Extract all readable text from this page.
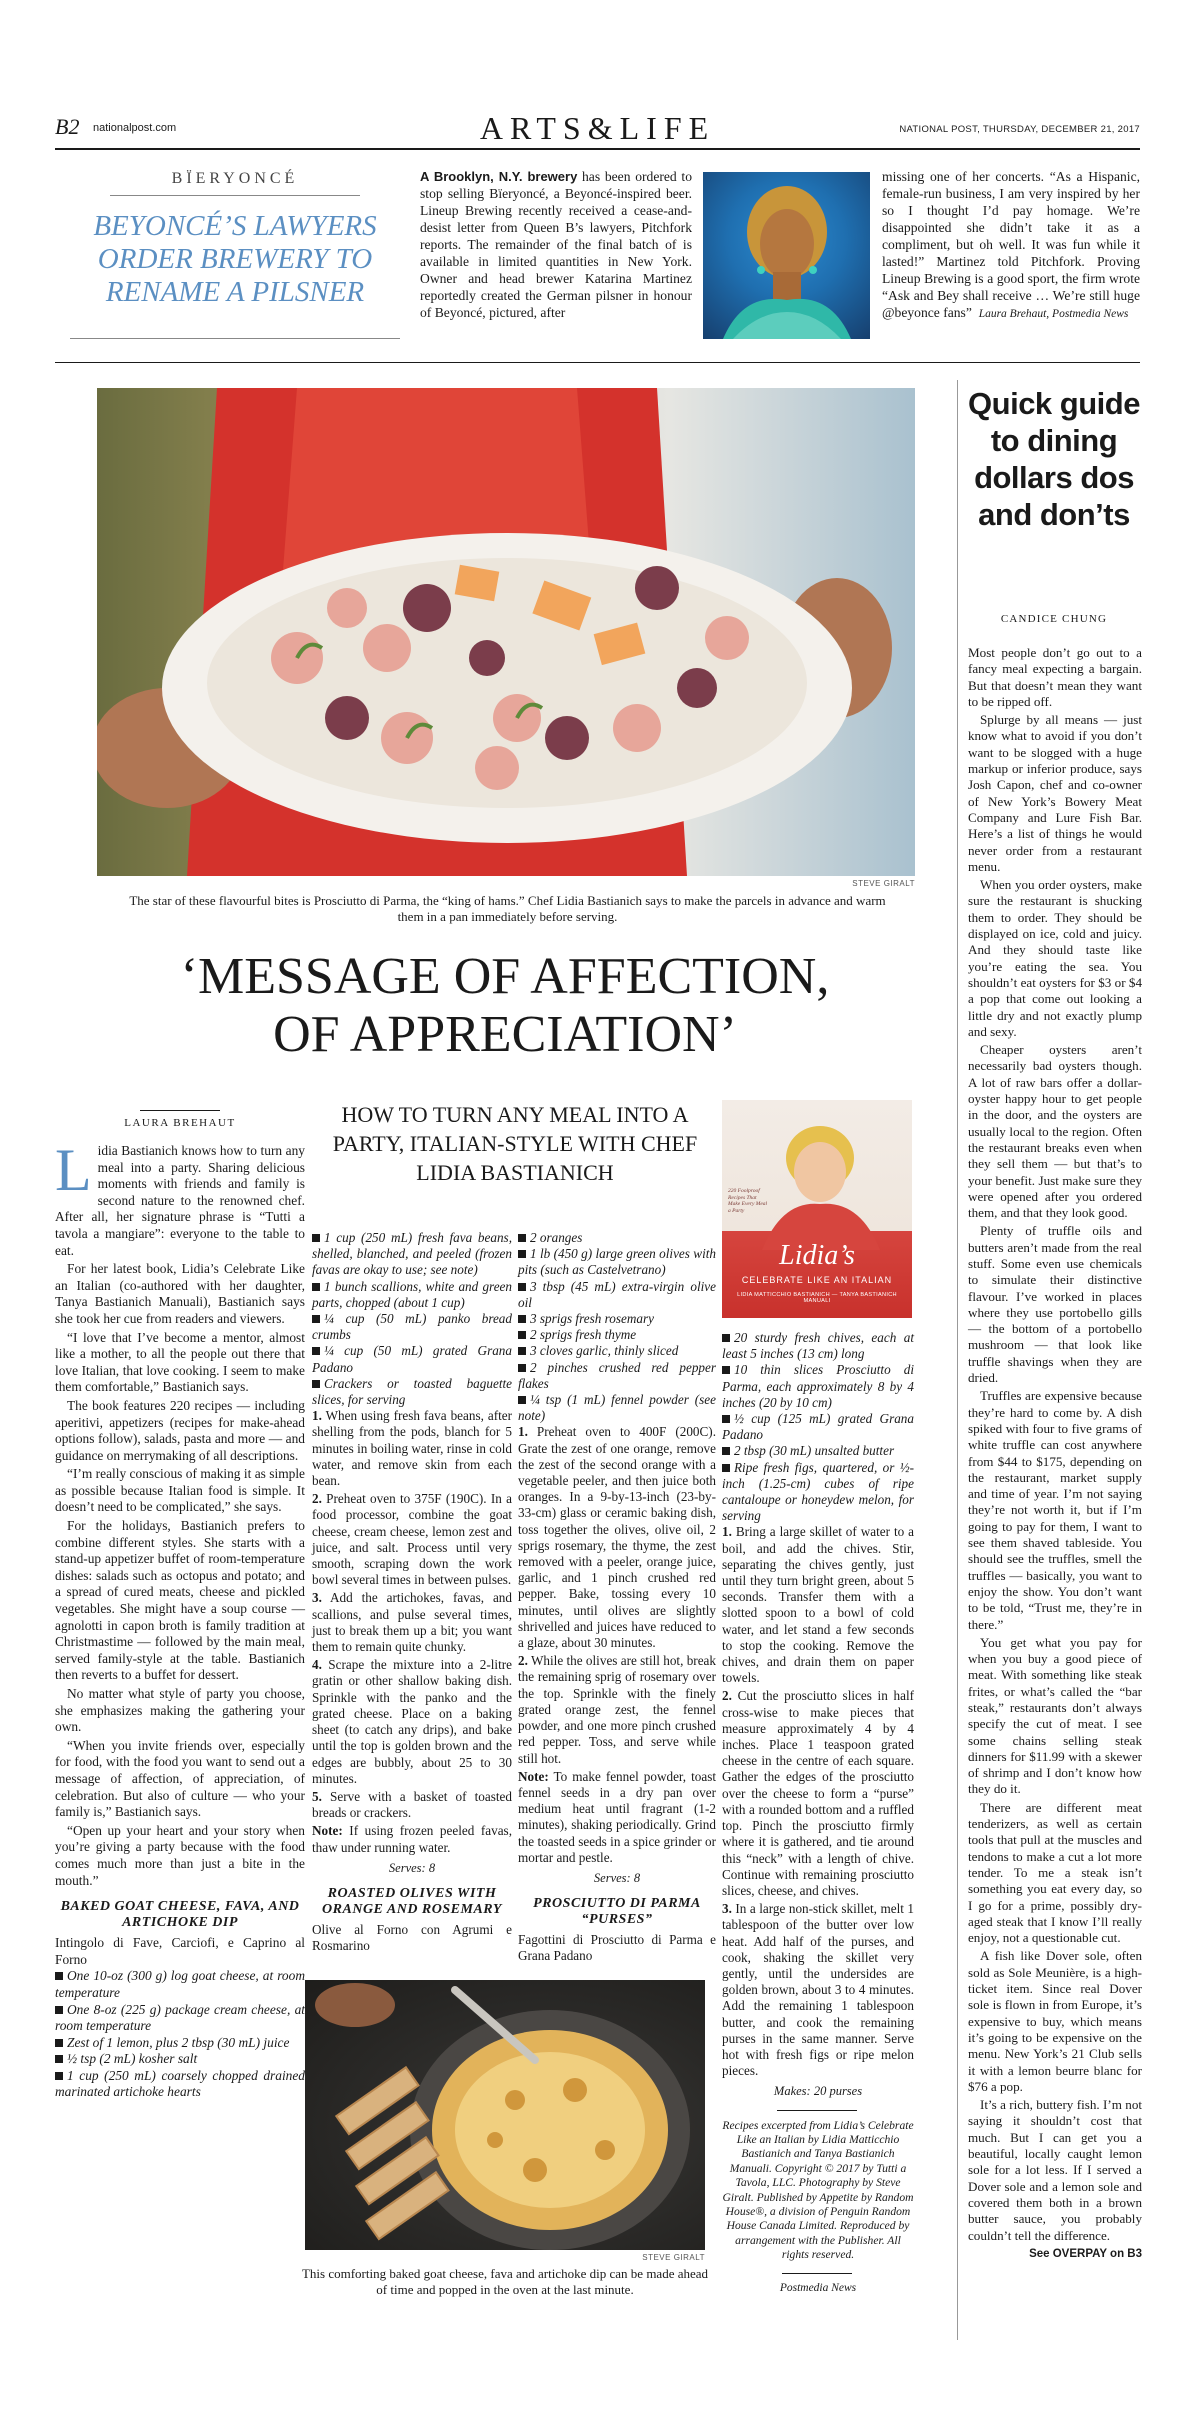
B2 nationalpost.com	ARTS&LIFE	NATIONAL POST, THURSDAY, DECEMBER 21, 2017
BÏERYONCÉ
BEYONCÉ’S LAWYERS ORDER BREWERY TO RENAME A PILSNER

A Brooklyn, N.Y. brewery has been ordered to stop selling Bïeryoncé, a Beyoncé-inspired beer. Lineup Brewing recently received a cease-and-desist letter from Queen B’s lawyers, Pitchfork reports. The remainder of the final batch of is available in limited quantities in New York. Owner and head brewer Katarina Martinez reportedly created the German pilsner in honour of Beyoncé, pictured, after

missing one of her concerts. “As a Hispanic, female-run business, I am very inspired by her so I thought I’d pay homage. We’re disappointed she didn’t take it as a compliment, but oh well. It was fun while it lasted!” Martinez told Pitchfork. Proving Lineup Brewing is a good sport, the firm wrote “Ask and Bey shall receive … We’re still huge @beyonce fans” Laura Brehaut, Postmedia News

STEVE GIRALT
The star of these flavourful bites is Prosciutto di Parma, the “king of hams.” Chef Lidia Bastianich says to make the parcels in advance and warm them in a pan immediately before serving.
‘MESSAGE OF AFFECTION,
OF APPRECIATION’
LAURA BREHAUT

Lidia Bastianich knows how to turn any meal into a party. Sharing delicious moments with friends and family is second nature to the renowned chef. After all, her signature phrase is “Tutti a tavola a mangiare”: everyone to the table to eat.

For her latest book, Lidia’s Celebrate Like an Italian (co-authored with her daughter, Tanya Bastianich Manuali), Bastianich says she took her cue from readers and viewers.

“I love that I’ve become a mentor, almost like a mother, to all the people out there that love Italian, that love cooking. I seem to make them comfortable,” Bastianich says.

The book features 220 recipes — including aperitivi, appetizers (recipes for make-ahead options follow), salads, pasta and more — and guidance on merrymaking of all descriptions.

“I’m really conscious of making it as simple as possible because Italian food is simple. It doesn’t need to be complicated,” she says.

For the holidays, Bastianich prefers to combine different styles. She starts with a stand-up appetizer buffet of room-temperature dishes: salads such as octopus and potato; and a spread of cured meats, cheese and pickled vegetables. She might have a soup course — agnolotti in capon broth is family tradition at Christmastime — followed by the main meal, served family-style at the table. Bastianich then reverts to a buffet for dessert.

No matter what style of party you choose, she emphasizes making the gathering your own.

“When you invite friends over, especially for food, with the food you want to send out a message of affection, of appreciation, of celebration. But also of culture — who your family is,” Bastianich says.

“Open up your heart and your story when you’re giving a party because with the food comes much more than just a bite in the mouth.”

BAKED GOAT CHEESE, FAVA, AND ARTICHOKE DIP

Intingolo di Fave, Carciofi, e Caprino al Forno

One 10-oz (300 g) log goat cheese, at room temperature

One 8-oz (225 g) package cream cheese, at room temperature

Zest of 1 lemon, plus 2 tbsp (30 mL) juice

½ tsp (2 mL) kosher salt

1 cup (250 mL) coarsely chopped drained marinated artichoke hearts

HOW TO TURN ANY MEAL INTO A PARTY, ITALIAN-STYLE WITH CHEF LIDIA BASTIANICH

1 cup (250 mL) fresh fava beans, shelled, blanched, and peeled (frozen favas are okay to use; see note)

1 bunch scallions, white and green parts, chopped (about 1 cup)

¼ cup (50 mL) panko bread crumbs

¼ cup (50 mL) grated Grana Padano

Crackers or toasted baguette slices, for serving

1. When using fresh fava beans, after shelling from the pods, blanch for 5 minutes in boiling water, rinse in cold water, and remove skin from each bean.

2. Preheat oven to 375F (190C). In a food processor, combine the goat cheese, cream cheese, lemon zest and juice, and salt. Process until very smooth, scraping down the work bowl several times in between pulses.

3. Add the artichokes, favas, and scallions, and pulse several times, just to break them up a bit; you want them to remain quite chunky.

4. Scrape the mixture into a 2-litre gratin or other shallow baking dish. Sprinkle with the panko and the grated cheese. Place on a baking sheet (to catch any drips), and bake until the top is golden brown and the edges are bubbly, about 25 to 30 minutes.

5. Serve with a basket of toasted breads or crackers.

Note: If using frozen peeled favas, thaw under running water.

Serves: 8
ROASTED OLIVES WITH ORANGE AND ROSEMARY

Olive al Forno con Agrumi e Rosmarino

2 oranges

1 lb (450 g) large green olives with pits (such as Castelvetrano)

3 tbsp (45 mL) extra-virgin olive oil

3 sprigs fresh rosemary

2 sprigs fresh thyme

3 cloves garlic, thinly sliced

2 pinches crushed red pepper flakes

¼ tsp (1 mL) fennel powder (see note)

1. Preheat oven to 400F (200C). Grate the zest of one orange, remove the zest of the second orange with a vegetable peeler, and then juice both oranges. In a 9-by-13-inch (23-by-33-cm) glass or ceramic baking dish, toss together the olives, olive oil, 2 sprigs rosemary, the thyme, the zest removed with a peeler, orange juice, garlic, and 1 pinch crushed red pepper. Bake, tossing every 10 minutes, until olives are slightly shrivelled and juices have reduced to a glaze, about 30 minutes.

2. While the olives are still hot, break the remaining sprig of rosemary over the top. Sprinkle with the finely grated orange zest, the fennel powder, and one more pinch crushed red pepper. Toss, and serve while still hot.

Note: To make fennel powder, toast fennel seeds in a dry pan over medium heat until fragrant (1-2 minutes), shaking periodically. Grind the toasted seeds in a spice grinder or mortar and pestle.

Serves: 8
PROSCIUTTO DI PARMA “PURSES”

Fagottini di Prosciutto di Parma e Grana Padano

220 Foolproof Recipes That Make Every Meal a Party
Lidia’s
CELEBRATE LIKE AN ITALIAN
LIDIA MATTICCHIO BASTIANICH — TANYA BASTIANICH MANUALI

20 sturdy fresh chives, each at least 5 inches (13 cm) long

10 thin slices Prosciutto di Parma, each approximately 8 by 4 inches (20 by 10 cm)

½ cup (125 mL) grated Grana Padano

2 tbsp (30 mL) unsalted butter

Ripe fresh figs, quartered, or ½-inch (1.25-cm) cubes of ripe cantaloupe or honeydew melon, for serving

1. Bring a large skillet of water to a boil, and add the chives. Stir, separating the chives gently, just until they turn bright green, about 5 seconds. Transfer them with a slotted spoon to a bowl of cold water, and let stand a few seconds to stop the cooking. Remove the chives, and drain them on paper towels.

2. Cut the prosciutto slices in half cross-wise to make pieces that measure approximately 4 by 4 inches. Place 1 teaspoon grated cheese in the centre of each square. Gather the edges of the prosciutto over the cheese to form a “purse” with a rounded bottom and a ruffled top. Pinch the prosciutto firmly where it is gathered, and tie around this “neck” with a length of chive. Continue with remaining prosciutto slices, cheese, and chives.

3. In a large non-stick skillet, melt 1 tablespoon of the butter over low heat. Add half of the purses, and cook, shaking the skillet very gently, until the undersides are golden brown, about 3 to 4 minutes. Add the remaining 1 tablespoon butter, and cook the remaining purses in the same manner. Serve hot with fresh figs or ripe melon pieces.

Makes: 20 purses

Recipes excerpted from Lidia’s Celebrate Like an Italian by Lidia Matticchio Bastianich and Tanya Bastianich Manuali. Copyright © 2017 by Tutti a Tavola, LLC. Photography by Steve Giralt. Published by Appetite by Random House®, a division of Penguin Random House Canada Limited. Reproduced by arrangement with the Publisher. All rights reserved.

Postmedia News

STEVE GIRALT
This comforting baked goat cheese, fava and artichoke dip can be made ahead of time and popped in the oven at the last minute.
Quick guide to dining dollars dos and don’ts
CANDICE CHUNG

Most people don’t go out to a fancy meal expecting a bargain. But that doesn’t mean they want to be ripped off.

Splurge by all means — just know what to avoid if you don’t want to be slogged with a huge markup or inferior produce, says Josh Capon, chef and co-owner of New York’s Bowery Meat Company and Lure Fish Bar. Here’s a list of things he would never order from a restaurant menu.

When you order oysters, make sure the restaurant is shucking them to order. They should be displayed on ice, cold and juicy. And they should taste like you’re eating the sea. You shouldn’t eat oysters for $3 or $4 a pop that come out looking a little dry and not exactly plump and sexy.

Cheaper oysters aren’t necessarily bad oysters though. A lot of raw bars offer a dollar-oyster happy hour to get people in the door, and the oysters are usually local to the region. Often the restaurant breaks even when they sell them — but that’s to your benefit. Just make sure they were opened after you ordered them, and that they look good.

Plenty of truffle oils and butters aren’t made from the real stuff. Some even use chemicals to simulate their distinctive flavour. I’ve worked in places where they use portobello gills — the bottom of a portobello mushroom — that look like truffle shavings when they are dried.

Truffles are expensive because they’re hard to come by. A dish spiked with four to five grams of white truffle can cost anywhere from $44 to $175, depending on the restaurant, market supply and time of year. I’m not saying they’re not worth it, but if I’m going to pay for them, I want to see them shaved tableside. You should see the truffles, smell the truffles — basically, you want to enjoy the show. You don’t want to be told, “Trust me, they’re in there.”

You get what you pay for when you buy a good piece of meat. With something like steak frites, or what’s called the “bar steak,” restaurants don’t always specify the cut of meat. I see some chains selling steak dinners for $11.99 with a skewer of shrimp and I don’t know how they do it.

There are different meat tenderizers, as well as certain tools that pull at the muscles and tendons to make a cut a lot more tender. To me a steak isn’t something you eat every day, so I go for a prime, possibly dry-aged steak that I know I’ll really enjoy, not a questionable cut.

A fish like Dover sole, often sold as Sole Meunière, is a high-ticket item. Since real Dover sole is flown in from Europe, it’s expensive to buy, which means it’s going to be expensive on the menu. New York’s 21 Club sells it with a lemon beurre blanc for $76 a pop.

It’s a rich, buttery fish. I’m not saying it shouldn’t cost that much. But I can get you a beautiful, locally caught lemon sole for a lot less. If I served a Dover sole and a lemon sole and covered them both in a brown butter sauce, you probably couldn’t tell the difference.

See OVERPAY on B3
